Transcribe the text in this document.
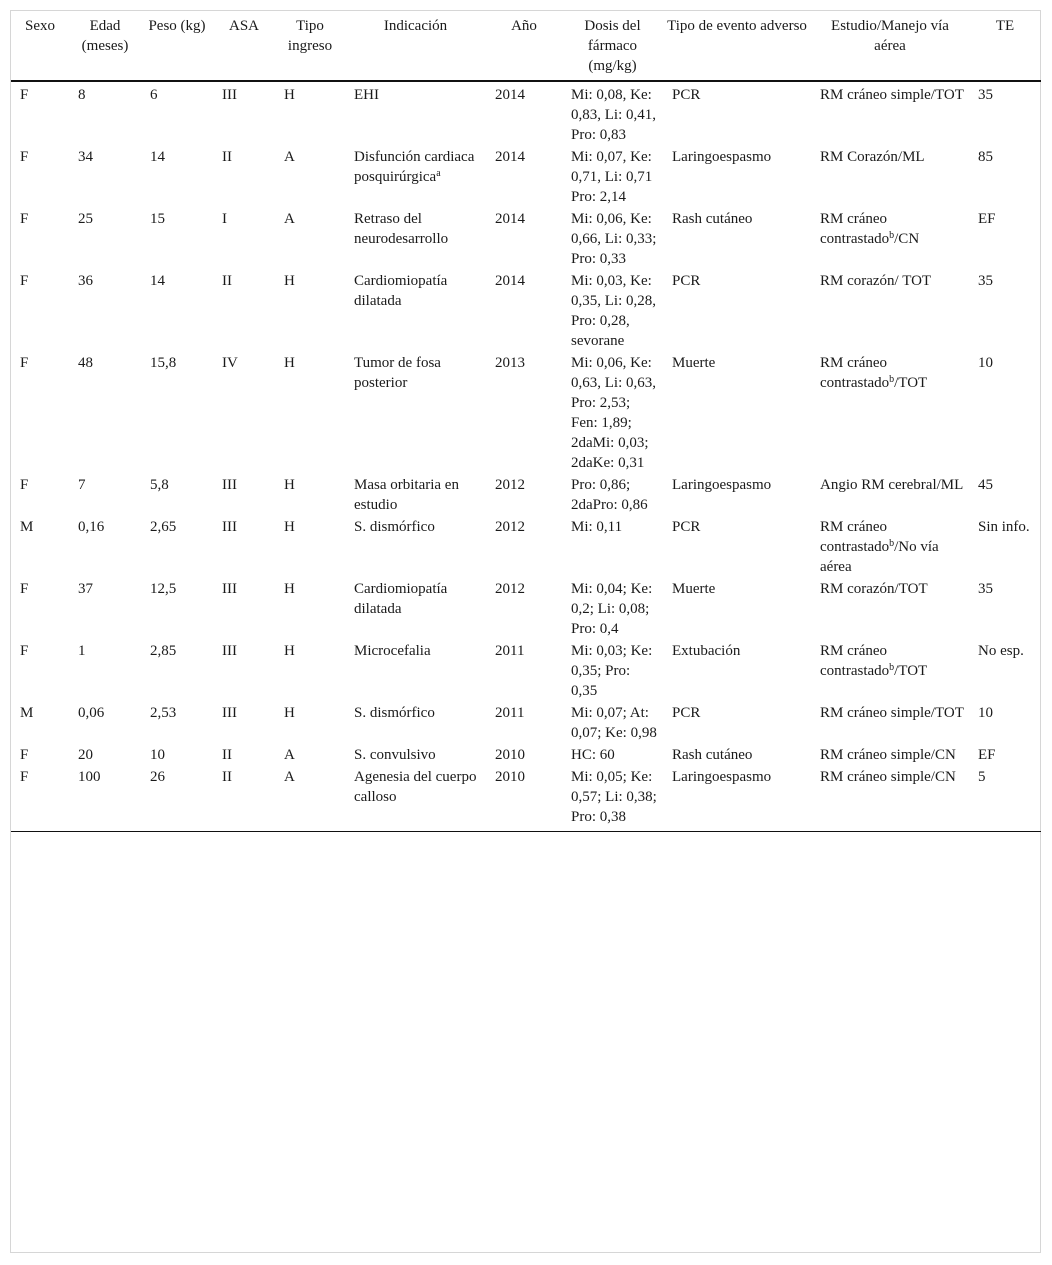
Sexo	Edad (meses)	Peso (kg)	ASA	Tipo ingreso	Indicación	Año	Dosis del fármaco (mg/kg)	Tipo de evento adverso	Estudio/Manejo vía aérea	TE
F	8	6	III	H	EHI	2014	Mi: 0,08, Ke: 0,83, Li: 0,41, Pro: 0,83	PCR	RM cráneo simple/TOT	35
F	34	14	II	A	Disfunción cardiaca posquirúrgica$^a$	2014	Mi: 0,07, Ke: 0,71, Li: 0,71 Pro: 2,14	Laringoespasmo	RM Corazón/ML	85
F	25	15	I	A	Retraso del neurodesarrollo	2014	Mi: 0,06, Ke: 0,66, Li: 0,33; Pro: 0,33	Rash cutáneo	RM cráneo contrastado$^b$/CN	EF
F	36	14	II	H	Cardiomiopatía dilatada	2014	Mi: 0,03, Ke: 0,35, Li: 0,28, Pro: 0,28, sevorane	PCR	RM corazón/ TOT	35
F	48	15,8	IV	H	Tumor de fosa posterior	2013	Mi: 0,06, Ke: 0,63, Li: 0,63, Pro: 2,53; Fen: 1,89; 2daMi: 0,03; 2daKe: 0,31	Muerte	RM cráneo contrastado$^b$/TOT	10
F	7	5,8	III	H	Masa orbitaria en estudio	2012	Pro: 0,86; 2daPro: 0,86	Laringoespasmo	Angio RM cerebral/ML	45
M	0,16	2,65	III	H	S. dismórfico	2012	Mi: 0,11	PCR	RM cráneo contrastado$^b$/No vía aérea	Sin info.
F	37	12,5	III	H	Cardiomiopatía dilatada	2012	Mi: 0,04; Ke: 0,2; Li: 0,08; Pro: 0,4	Muerte	RM corazón/TOT	35
F	1	2,85	III	H	Microcefalia	2011	Mi: 0,03; Ke: 0,35; Pro: 0,35	Extubación	RM cráneo contrastado$^b$/TOT	No esp.
M	0,06	2,53	III	H	S. dismórfico	2011	Mi: 0,07; At: 0,07; Ke: 0,98	PCR	RM cráneo simple/TOT	10
F	20	10	II	A	S. convulsivo	2010	HC: 60	Rash cutáneo	RM cráneo simple/CN	EF
F	100	26	II	A	Agenesia del cuerpo calloso	2010	Mi: 0,05; Ke: 0,57; Li: 0,38; Pro: 0,38	Laringoespasmo	RM cráneo simple/CN	5
